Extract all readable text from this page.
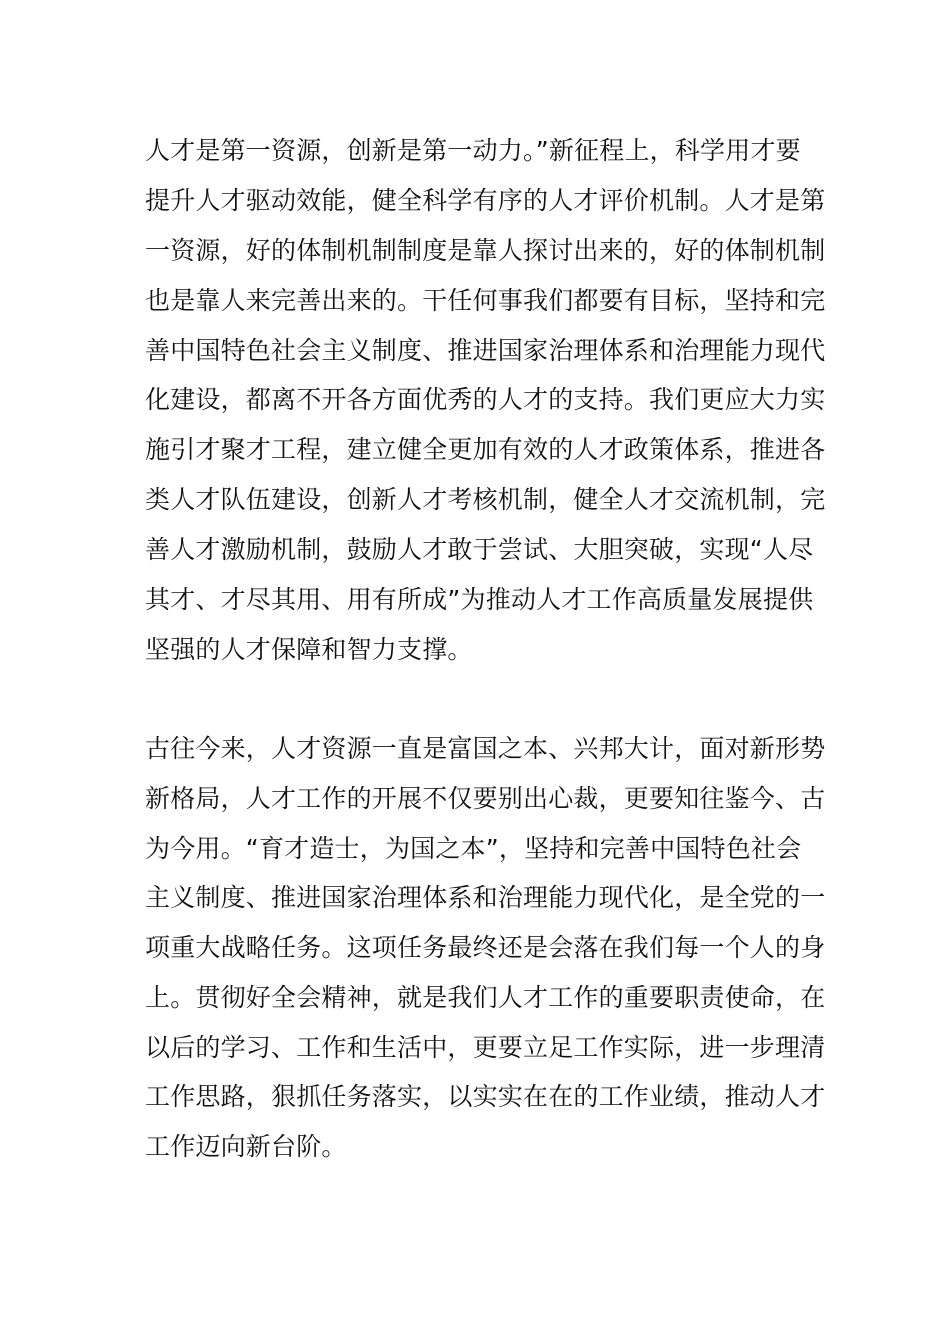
人才是第一资源，创新是第一动力。”新征程上，科学用才要
提升人才驱动效能，健全科学有序的人才评价机制。人才是第
一资源，好的体制机制制度是靠人探讨出来的，好的体制机制
也是靠人来完善出来的。干任何事我们都要有目标，坚持和完
善中国特色社会主义制度、推进国家治理体系和治理能力现代
化建设，都离不开各方面优秀的人才的支持。我们更应大力实
施引才聚才工程，建立健全更加有效的人才政策体系，推进各
类人才队伍建设，创新人才考核机制，健全人才交流机制，完
善人才激励机制，鼓励人才敢于尝试、大胆突破，实现“人尽
其才、才尽其用、用有所成”为推动人才工作高质量发展提供
坚强的人才保障和智力支撑。
古往今来，人才资源一直是富国之本、兴邦大计，面对新形势
新格局，人才工作的开展不仅要别出心裁，更要知往鉴今、古
为今用。“育才造士，为国之本”，坚持和完善中国特色社会
主义制度、推进国家治理体系和治理能力现代化，是全党的一
项重大战略任务。这项任务最终还是会落在我们每一个人的身
上。贯彻好全会精神，就是我们人才工作的重要职责使命，在
以后的学习、工作和生活中，更要立足工作实际，进一步理清
工作思路，狠抓任务落实，以实实在在的工作业绩，推动人才
工作迈向新台阶。
